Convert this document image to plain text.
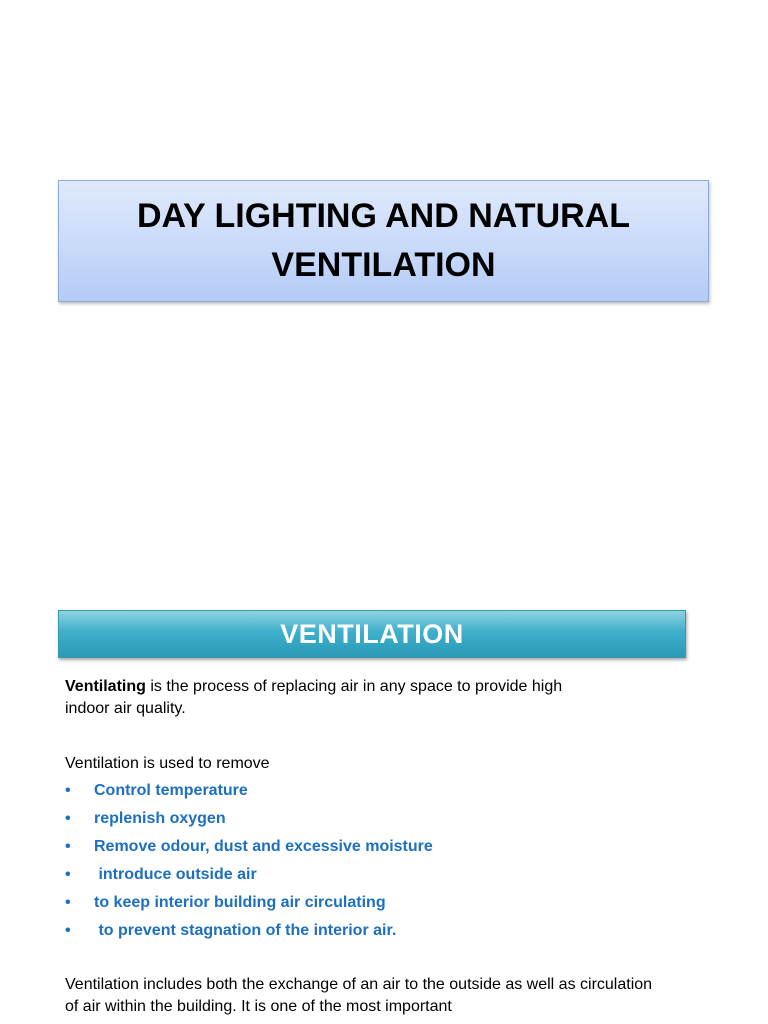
DAY LIGHTING AND NATURAL VENTILATION
VENTILATION

Ventilating is the process of replacing air in any space to provide high indoor air quality.

Ventilation is used to remove

• Control temperature
• replenish oxygen
• Remove odour, dust and excessive moisture
• introduce outside air
• to keep interior building air circulating
• to prevent stagnation of the interior air.

Ventilation includes both the exchange of an air to the outside as well as circulation of air within the building. It is one of the most important
